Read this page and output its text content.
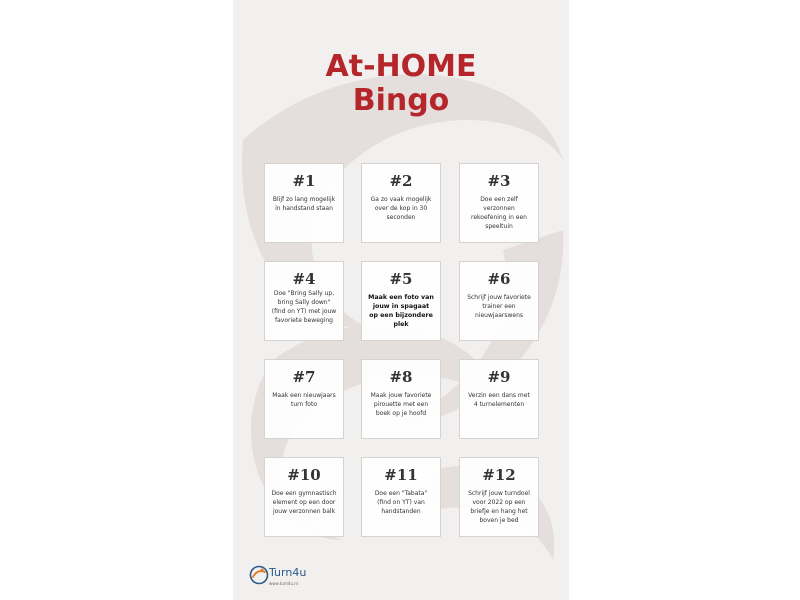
At-HOME
Bingo
#1
Blijf zo lang mogelijk in handstand staan
#2
Ga zo vaak mogelijk over de kop in 30 seconden
#3
Doe een zelf verzonnen rekoefening in een speeltuin
#4
Doe "Bring Sally up, bring Sally down" (find on YT) met jouw favoriete beweging
#5
Maak een foto van jouw in spagaat op een bijzondere plek
#6
Schrijf jouw favoriete trainer een nieuwjaarswens
#7
Maak een nieuwjaars turn foto
#8
Maak jouw favoriete pirouette met een boek op je hoofd
#9
Verzin een dans met 4 turnelementen
#10
Doe een gymnastisch element op een door jouw verzonnen balk
#11
Doe een "Tabata" (find on YT) van handstanden
#12
Schrijf jouw turndoel voor 2022 op een briefje en hang het boven je bed
Turn4u
www.turn4u.nl
